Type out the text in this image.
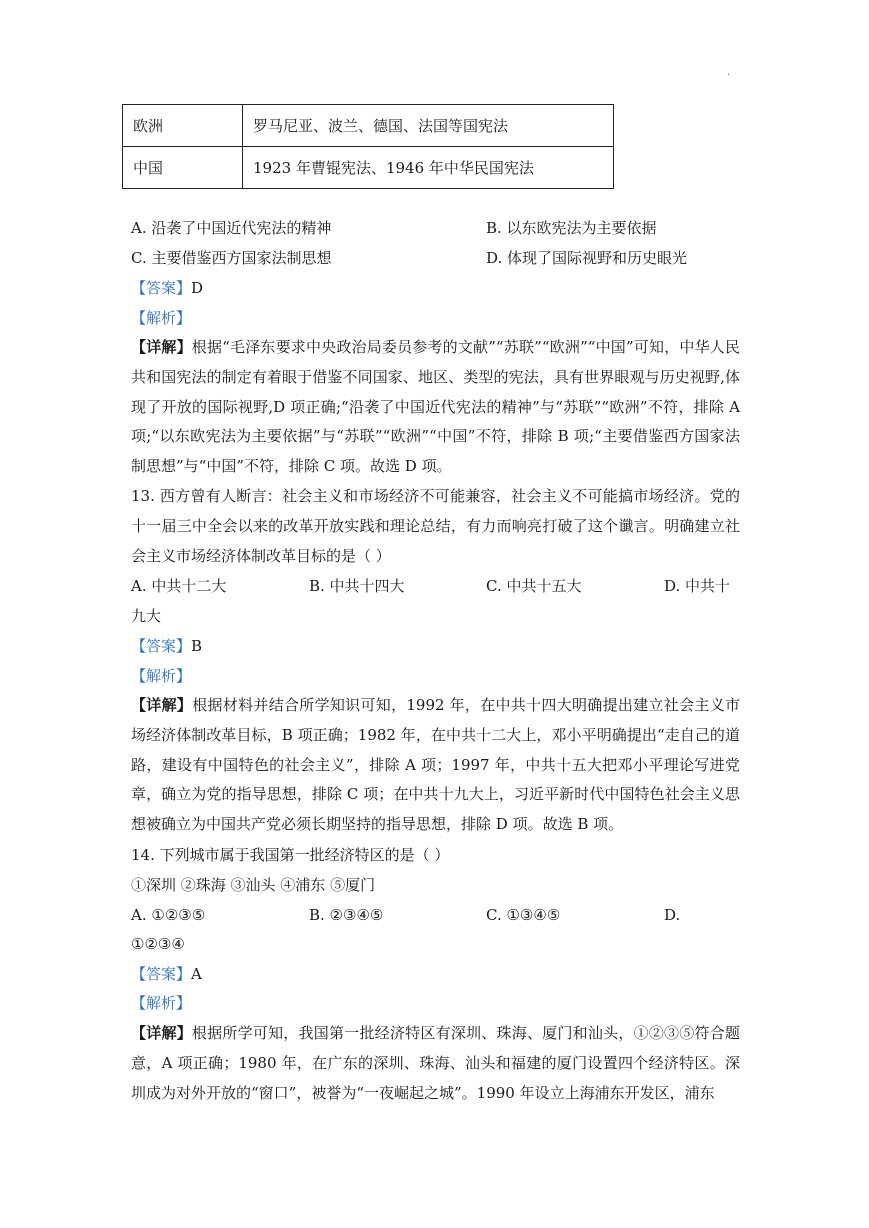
·
欧洲	罗马尼亚、波兰、德国、法国等国宪法
中国	1923 年曹锟宪法、1946 年中华民国宪法
A. 沿袭了中国近代宪法的精神	B. 以东欧宪法为主要依据
C. 主要借鉴西方国家法制思想	D. 体现了国际视野和历史眼光
【答案】D
【解析】
【详解】根据“毛泽东要求中央政治局委员参考的文献”“苏联”“欧洲”“中国”可知，中华人民共和国宪法的制定有着眼于借鉴不同国家、地区、类型的宪法，具有世界眼观与历史视野,体现了开放的国际视野,D 项正确;“沿袭了中国近代宪法的精神”与“苏联”“欧洲”不符，排除 A 项;“以东欧宪法为主要依据”与“苏联”“欧洲”“中国”不符，排除 B 项;“主要借鉴西方国家法制思想”与“中国”不符，排除 C 项。故选 D 项。
13. 西方曾有人断言：社会主义和市场经济不可能兼容，社会主义不可能搞市场经济。党的十一届三中全会以来的改革开放实践和理论总结，有力而响亮打破了这个谶言。明确建立社会主义市场经济体制改革目标的是（ ）
A. 中共十二大	B. 中共十四大	C. 中共十五大	D. 中共十
九大
【答案】B
【解析】
【详解】根据材料并结合所学知识可知，1992 年，在中共十四大明确提出建立社会主义市场经济体制改革目标，B 项正确；1982 年，在中共十二大上，邓小平明确提出“走自己的道路，建设有中国特色的社会主义”，排除 A 项；1997 年，中共十五大把邓小平理论写进党章，确立为党的指导思想，排除 C 项；在中共十九大上，习近平新时代中国特色社会主义思想被确立为中国共产党必须长期坚持的指导思想，排除 D 项。故选 B 项。
14. 下列城市属于我国第一批经济特区的是（ ）
①深圳 ②珠海 ③汕头 ④浦东 ⑤厦门
A. ①②③⑤	B. ②③④⑤	C. ①③④⑤	D.
①②③④
【答案】A
【解析】
【详解】根据所学可知，我国第一批经济特区有深圳、珠海、厦门和汕头，①②③⑤符合题意，A 项正确；1980 年，在广东的深圳、珠海、汕头和福建的厦门设置四个经济特区。深圳成为对外开放的“窗口”，被誉为“一夜崛起之城”。1990 年设立上海浦东开发区，浦东
